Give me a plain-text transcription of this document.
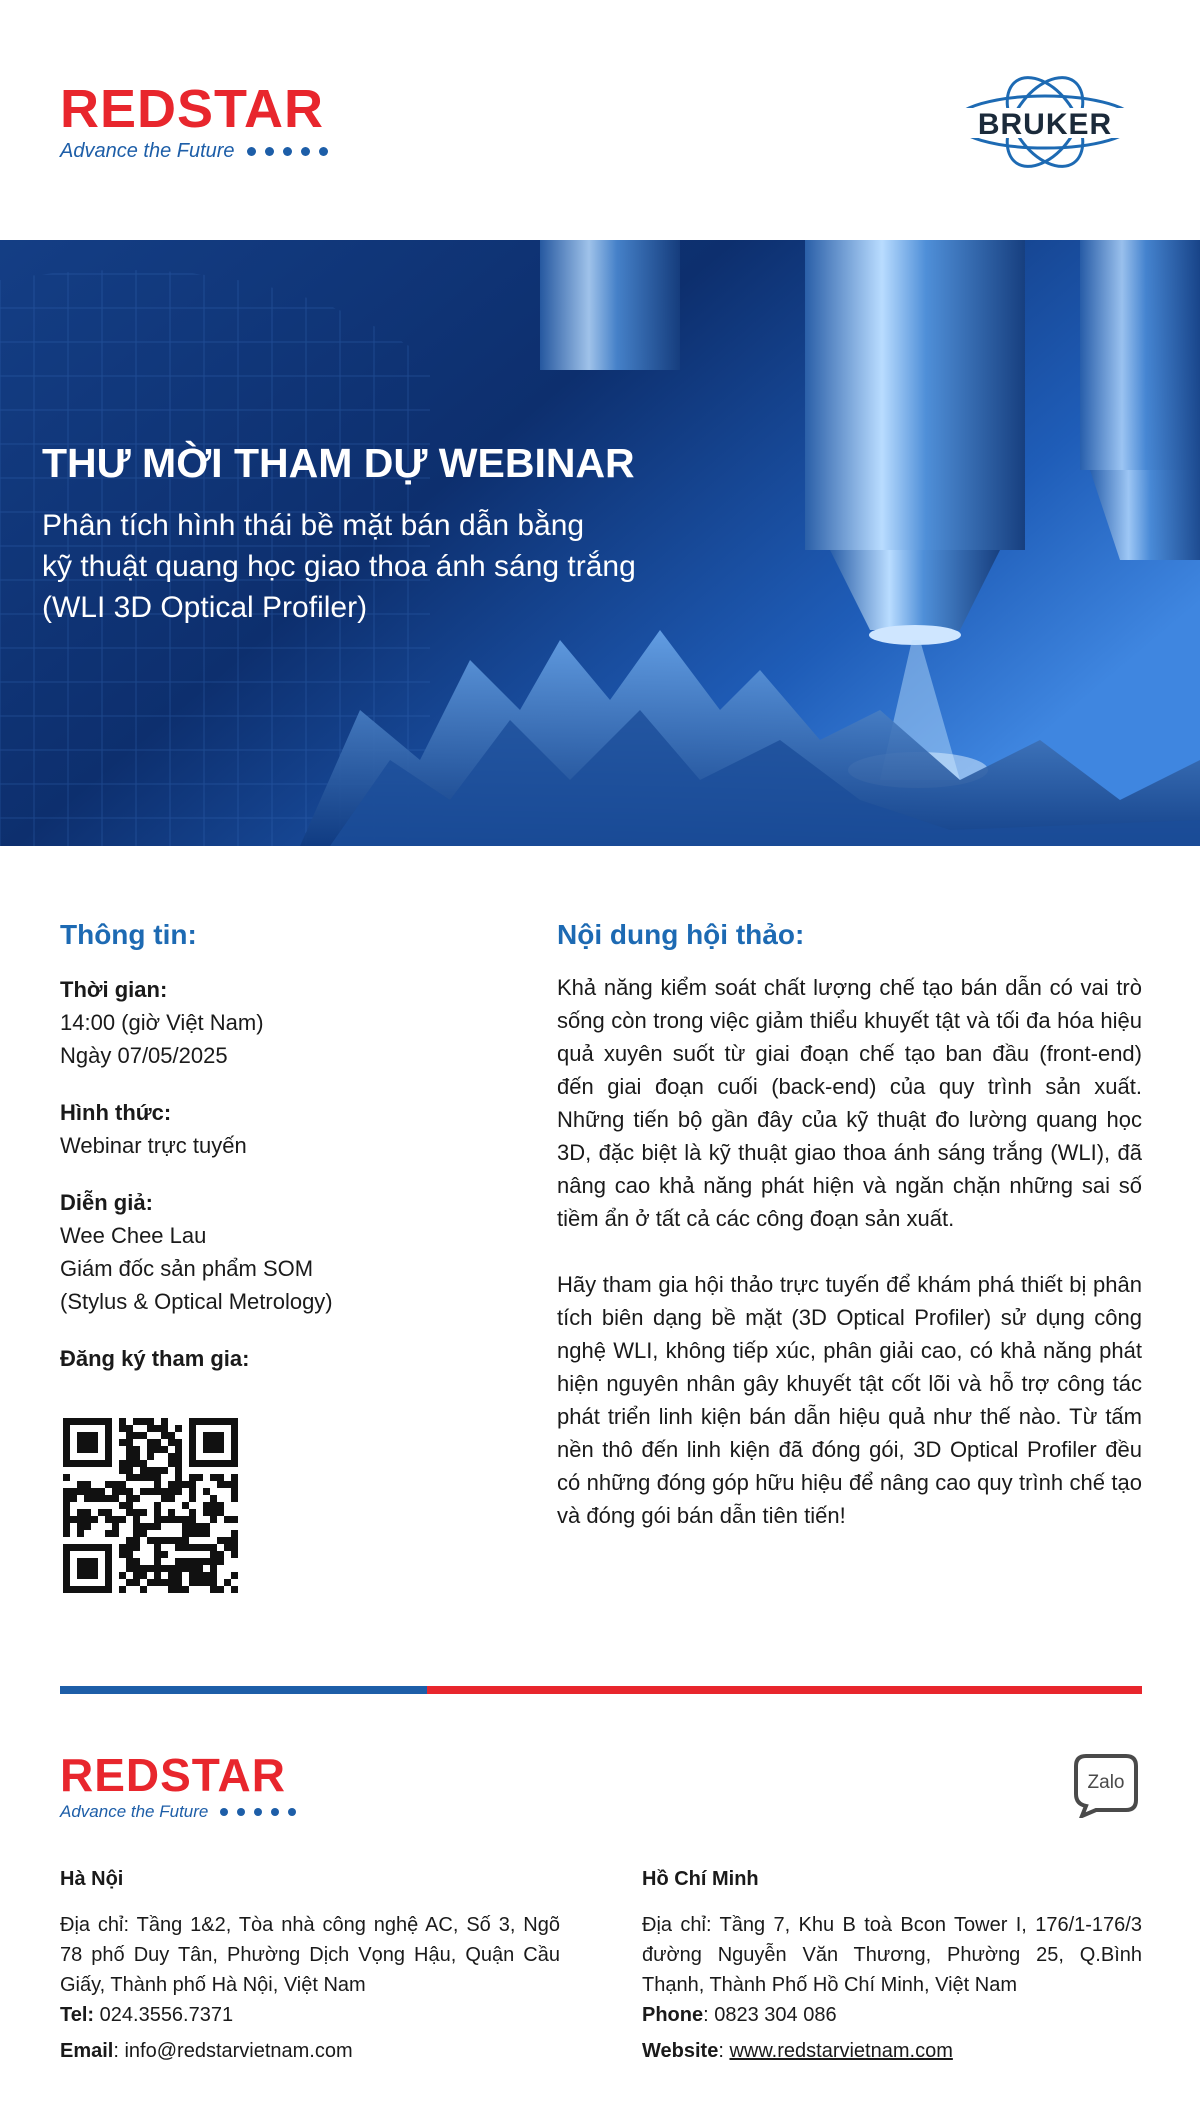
REDSTAR
Advance the Future
BRUKER
THƯ MỜI THAM DỰ WEBINAR
Phân tích hình thái bề mặt bán dẫn bằng
kỹ thuật quang học giao thoa ánh sáng trắng
(WLI 3D Optical Profiler)
Thông tin:
Thời gian:
14:00 (giờ Việt Nam)
Ngày 07/05/2025
Hình thức:
Webinar trực tuyến
Diễn giả:
Wee Chee Lau
Giám đốc sản phẩm SOM
(Stylus & Optical Metrology)
Đăng ký tham gia:
Nội dung hội thảo:

Khả năng kiểm soát chất lượng chế tạo bán dẫn có vai trò sống còn trong việc giảm thiểu khuyết tật và tối đa hóa hiệu quả xuyên suốt từ giai đoạn chế tạo ban đầu (front-end) đến giai đoạn cuối (back-end) của quy trình sản xuất. Những tiến bộ gần đây của kỹ thuật đo lường quang học 3D, đặc biệt là kỹ thuật giao thoa ánh sáng trắng (WLI), đã nâng cao khả năng phát hiện và ngăn chặn những sai số tiềm ẩn ở tất cả các công đoạn sản xuất.

Hãy tham gia hội thảo trực tuyến để khám phá thiết bị phân tích biên dạng bề mặt (3D Optical Profiler) sử dụng công nghệ WLI, không tiếp xúc, phân giải cao, có khả năng phát hiện nguyên nhân gây khuyết tật cốt lõi và hỗ trợ công tác phát triển linh kiện bán dẫn hiệu quả như thế nào. Từ tấm nền thô đến linh kiện đã đóng gói, 3D Optical Profiler đều có những đóng góp hữu hiệu để nâng cao quy trình chế tạo và đóng gói bán dẫn tiên tiến!

REDSTAR
Advance the Future
Zalo
Hà Nội
Địa chỉ: Tầng 1&2, Tòa nhà công nghệ AC, Số 3, Ngõ 78 phố Duy Tân, Phường Dịch Vọng Hậu, Quận Cầu Giấy, Thành phố Hà Nội, Việt Nam
Tel: 024.3556.7371
Email: info@redstarvietnam.com
Hồ Chí Minh
Địa chỉ: Tầng 7, Khu B toà Bcon Tower I, 176/1-176/3 đường Nguyễn Văn Thương, Phường 25, Q.Bình Thạnh, Thành Phố Hồ Chí Minh, Việt Nam
Phone: 0823 304 086
Website: www.redstarvietnam.com
